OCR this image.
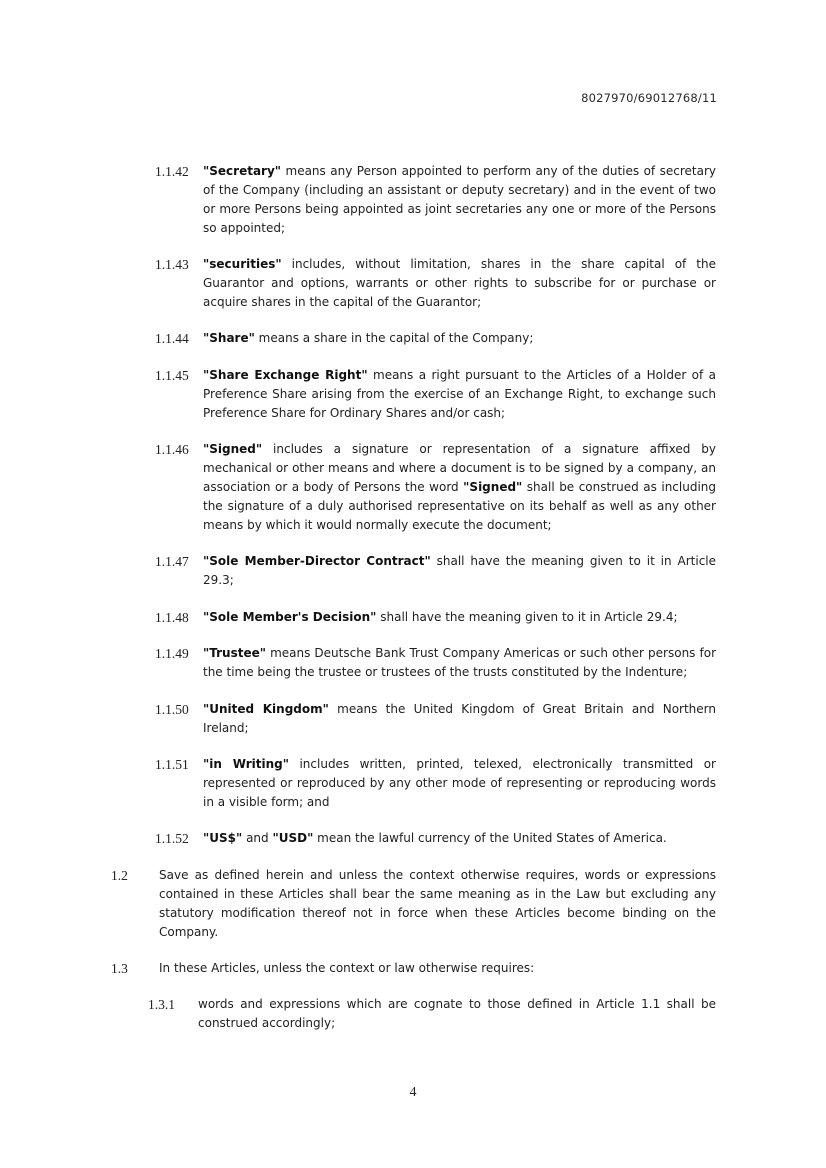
8027970/69012768/11
1.1.42 "Secretary" means any Person appointed to perform any of the duties of secretary of the Company (including an assistant or deputy secretary) and in the event of two or more Persons being appointed as joint secretaries any one or more of the Persons so appointed;
1.1.43 "securities" includes, without limitation, shares in the share capital of the Guarantor and options, warrants or other rights to subscribe for or purchase or acquire shares in the capital of the Guarantor;
1.1.44 "Share" means a share in the capital of the Company;
1.1.45 "Share Exchange Right" means a right pursuant to the Articles of a Holder of a Preference Share arising from the exercise of an Exchange Right, to exchange such Preference Share for Ordinary Shares and/or cash;
1.1.46 "Signed" includes a signature or representation of a signature affixed by mechanical or other means and where a document is to be signed by a company, an association or a body of Persons the word "Signed" shall be construed as including the signature of a duly authorised representative on its behalf as well as any other means by which it would normally execute the document;
1.1.47 "Sole Member-Director Contract" shall have the meaning given to it in Article 29.3;
1.1.48 "Sole Member's Decision" shall have the meaning given to it in Article 29.4;
1.1.49 "Trustee" means Deutsche Bank Trust Company Americas or such other persons for the time being the trustee or trustees of the trusts constituted by the Indenture;
1.1.50 "United Kingdom" means the United Kingdom of Great Britain and Northern Ireland;
1.1.51 "in Writing" includes written, printed, telexed, electronically transmitted or represented or reproduced by any other mode of representing or reproducing words in a visible form; and
1.1.52 "US$" and "USD" mean the lawful currency of the United States of America.
1.2	Save as defined herein and unless the context otherwise requires, words or expressions contained in these Articles shall bear the same meaning as in the Law but excluding any statutory modification thereof not in force when these Articles become binding on the Company.
1.3	In these Articles, unless the context or law otherwise requires:
1.3.1 words and expressions which are cognate to those defined in Article 1.1 shall be construed accordingly;
4
